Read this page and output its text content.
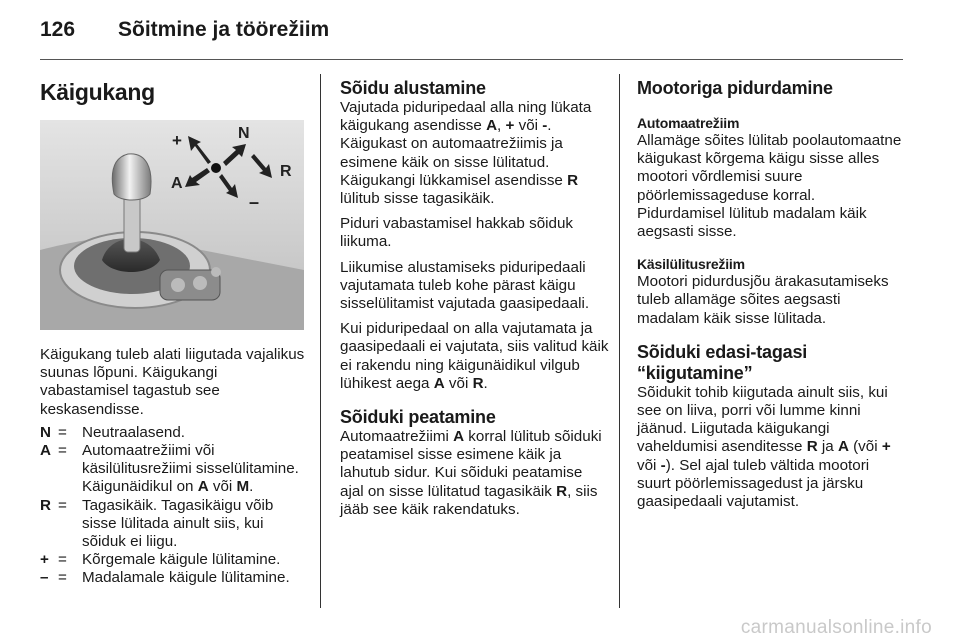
126	Sõitmine ja töörežiim
Käigukang
+	N
A
R
–

Käigukang tuleb alati liigutada vajalikus suunas lõpuni. Käigukangi vabastamisel tagastub see keskasendisse.

N = Neutraalasend.
A = Automaatrežiimi või käsilülitusrežiimi sisselülitamine. Käigunäidikul on A või M.
R = Tagasikäik. Tagasikäigu võib sisse lülitada ainult siis, kui sõiduk ei liigu.
+ = Kõrgemale käigule lülitamine.
– = Madalamale käigule lülitamine.
Sõidu alustamine

Vajutada piduripedaal alla ning lükata käigukang asendisse A, + või -. Käigukast on automaatrežiimis ja esimene käik on sisse lülitatud. Käigukangi lükkamisel asendisse R lülitub sisse tagasikäik.

Piduri vabastamisel hakkab sõiduk liikuma.

Liikumise alustamiseks piduripedaali vajutamata tuleb kohe pärast käigu sisselülitamist vajutada gaasipedaali.

Kui piduripedaal on alla vajutamata ja gaasipedaali ei vajutata, siis valitud käik ei rakendu ning käigunäidikul vilgub lühikest aega A või R.

Sõiduki peatamine

Automaatrežiimi A korral lülitub sõiduki peatamisel sisse esimene käik ja lahutub sidur. Kui sõiduki peatamise ajal on sisse lülitatud tagasikäik R, siis jääb see käik rakendatuks.

Mootoriga pidurdamine
Automaatrežiim

Allamäge sõites lülitab poolautomaatne käigukast kõrgema käigu sisse alles mootori võrdlemisi suure pöörlemissageduse korral. Pidurdamisel lülitub madalam käik aegsasti sisse.

Käsilülitusrežiim

Mootori pidurdusjõu ärakasutamiseks tuleb allamäge sõites aegsasti madalam käik sisse lülitada.

Sõiduki edasi-tagasi “kiigutamine”

Sõidukit tohib kiigutada ainult siis, kui see on liiva, porri või lumme kinni jäänud. Liigutada käigukangi vaheldumisi asenditesse R ja A (või + või -). Sel ajal tuleb vältida mootori suurt pöörlemissagedust ja järsku gaasipedaali vajutamist.

carmanualsonline.info
